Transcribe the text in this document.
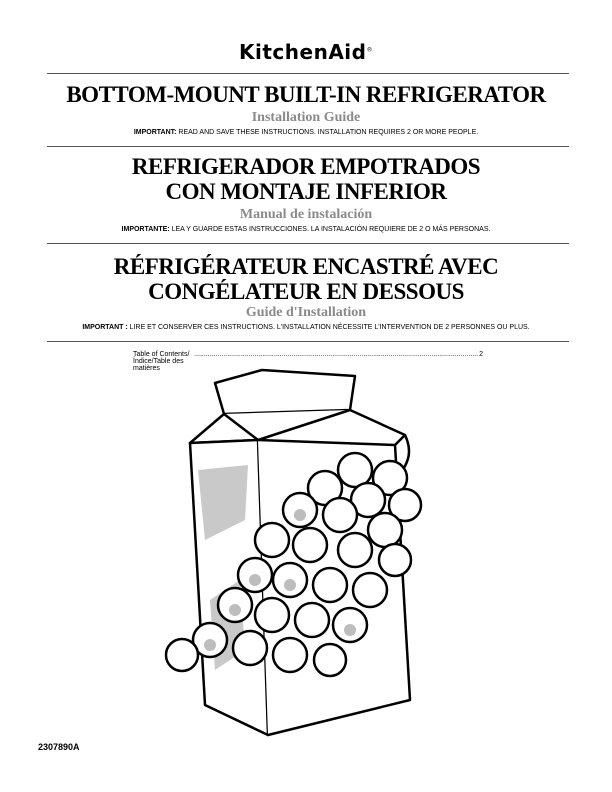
KitchenAid®
BOTTOM-MOUNT BUILT-IN REFRIGERATOR
Installation Guide
IMPORTANT: READ AND SAVE THESE INSTRUCTIONS. INSTALLATION REQUIRES 2 OR MORE PEOPLE.
REFRIGERADOR EMPOTRADOS
CON MONTAJE INFERIOR
Manual de instalación
IMPORTANTE: LEA Y GUARDE ESTAS INSTRUCCIONES. LA INSTALACIÓN REQUIERE DE 2 O MÁS PERSONAS.
RÉFRIGÉRATEUR ENCASTRÉ AVEC
CONGÉLATEUR EN DESSOUS
Guide d'Installation
IMPORTANT : LIRE ET CONSERVER CES INSTRUCTIONS. L'INSTALLATION NÉCESSITE L'INTERVENTION DE 2 PERSONNES OU PLUS.
Table of Contents/Índice/Table des matières
.................................................................................................................................................. 2
2307890A
